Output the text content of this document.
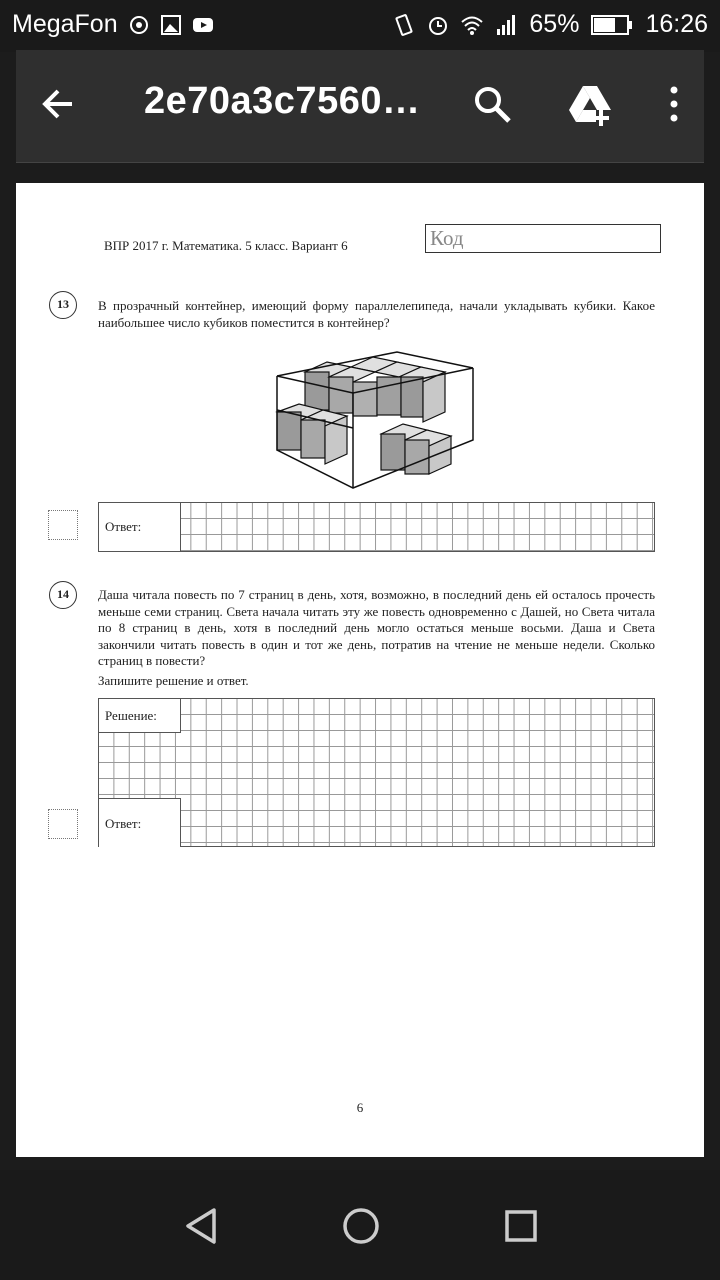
MegaFon	65%	16:26
2e70a3c7560…
ВПР 2017 г. Математика. 5 класс. Вариант 6	Код
13	В прозрачный контейнер, имеющий форму параллелепипеда, начали укладывать кубики. Какое наибольшее число кубиков поместится в контейнер?
Ответ:
14	Даша читала повесть по 7 страниц в день, хотя, возможно, в последний день ей осталось прочесть меньше семи страниц. Света начала читать эту же повесть одновременно с Дашей, но Света читала по 8 страниц в день, хотя в последний день могло остаться меньше восьми. Даша и Света закончили читать повесть в один и тот же день, потратив на чтение не меньше недели. Сколько страниц в повести?
Запишите решение и ответ.
Решение:
Ответ:
6
